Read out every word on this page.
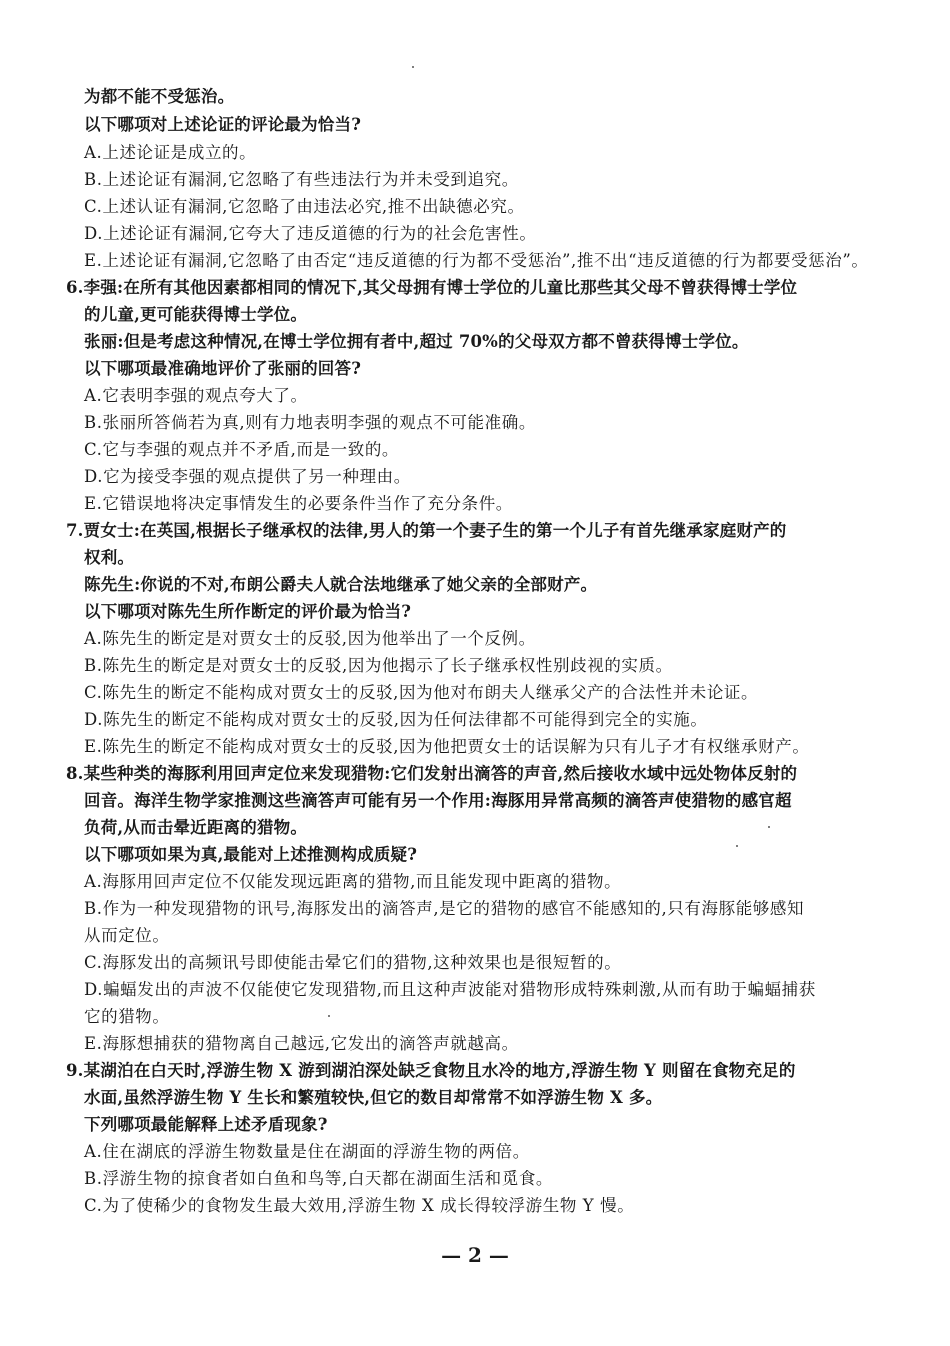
为都不能不受惩治。
以下哪项对上述论证的评论最为恰当?
A.上述论证是成立的。
B.上述论证有漏洞,它忽略了有些违法行为并未受到追究。
C.上述认证有漏洞,它忽略了由违法必究,推不出缺德必究。
D.上述论证有漏洞,它夸大了违反道德的行为的社会危害性。
E.上述论证有漏洞,它忽略了由否定“违反道德的行为都不受惩治”,推不出“违反道德的行为都要受惩治”。
6.李强:在所有其他因素都相同的情况下,其父母拥有博士学位的儿童比那些其父母不曾获得博士学位
的儿童,更可能获得博士学位。
张丽:但是考虑这种情况,在博士学位拥有者中,超过 70%的父母双方都不曾获得博士学位。
以下哪项最准确地评价了张丽的回答?
A.它表明李强的观点夸大了。
B.张丽所答倘若为真,则有力地表明李强的观点不可能准确。
C.它与李强的观点并不矛盾,而是一致的。
D.它为接受李强的观点提供了另一种理由。
E.它错误地将决定事情发生的必要条件当作了充分条件。
7.贾女士:在英国,根据长子继承权的法律,男人的第一个妻子生的第一个儿子有首先继承家庭财产的
权利。
陈先生:你说的不对,布朗公爵夫人就合法地继承了她父亲的全部财产。
以下哪项对陈先生所作断定的评价最为恰当?
A.陈先生的断定是对贾女士的反驳,因为他举出了一个反例。
B.陈先生的断定是对贾女士的反驳,因为他揭示了长子继承权性别歧视的实质。
C.陈先生的断定不能构成对贾女士的反驳,因为他对布朗夫人继承父产的合法性并未论证。
D.陈先生的断定不能构成对贾女士的反驳,因为任何法律都不可能得到完全的实施。
E.陈先生的断定不能构成对贾女士的反驳,因为他把贾女士的话误解为只有儿子才有权继承财产。
8.某些种类的海豚利用回声定位来发现猎物:它们发射出滴答的声音,然后接收水域中远处物体反射的
回音。海洋生物学家推测这些滴答声可能有另一个作用:海豚用异常高频的滴答声使猎物的感官超
负荷,从而击晕近距离的猎物。
以下哪项如果为真,最能对上述推测构成质疑?
A.海豚用回声定位不仅能发现远距离的猎物,而且能发现中距离的猎物。
B.作为一种发现猎物的讯号,海豚发出的滴答声,是它的猎物的感官不能感知的,只有海豚能够感知
从而定位。
C.海豚发出的高频讯号即使能击晕它们的猎物,这种效果也是很短暂的。
D.蝙蝠发出的声波不仅能使它发现猎物,而且这种声波能对猎物形成特殊刺激,从而有助于蝙蝠捕获
它的猎物。
E.海豚想捕获的猎物离自己越远,它发出的滴答声就越高。
9.某湖泊在白天时,浮游生物 X 游到湖泊深处缺乏食物且水冷的地方,浮游生物 Y 则留在食物充足的
水面,虽然浮游生物 Y 生长和繁殖较快,但它的数目却常常不如浮游生物 X 多。
下列哪项最能解释上述矛盾现象?
A.住在湖底的浮游生物数量是住在湖面的浮游生物的两倍。
B.浮游生物的掠食者如白鱼和鸟等,白天都在湖面生活和觅食。
C.为了使稀少的食物发生最大效用,浮游生物 X 成长得较浮游生物 Y 慢。
— 2 —
